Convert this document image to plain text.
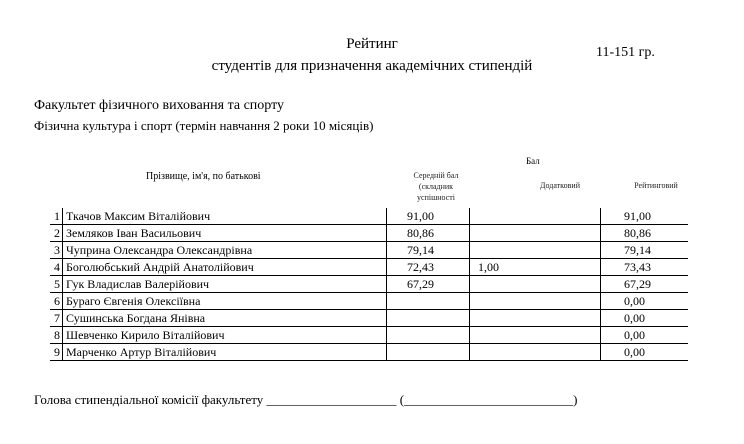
Рейтинг
студентів для призначення академічних стипендій
11-151 гр.
Факультет фізичного виховання та спорту
Фізична культура і спорт (термін навчання 2 роки 10 місяців)
Прізвище, ім'я, по батькові
Бал
Середній бал
(складник
успішності
Додатковий	Рейтинговий
1	Ткачов Максим Віталійович	91,00			91,00
2	Земляков Іван Васильович	80,86			80,86
3	Чуприна Олександра Олександрівна	79,14			79,14
4	Боголюбський Андрій Анатолійович	72,43	1,00		73,43
5	Гук Владислав Валерійович	67,29			67,29
6	Бураго Євгенія Олексіївна				0,00
7	Сушинська Богдана Янівна				0,00
8	Шевченко Кирило Віталійович				0,00
9	Марченко Артур Віталійович				0,00
Голова стипендіальної комісії факультету ____________________ (__________________________)
